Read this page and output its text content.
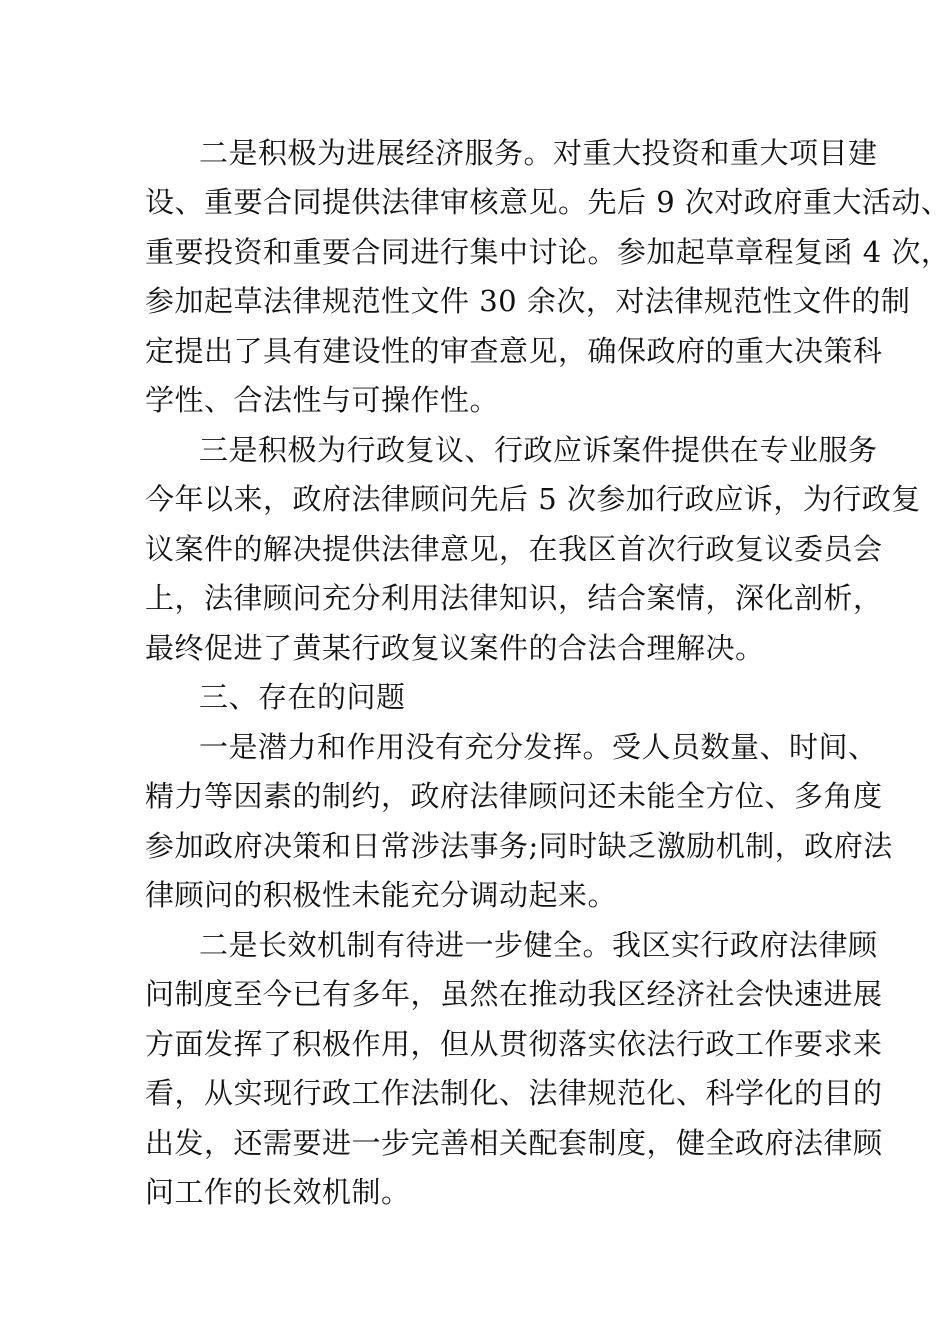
二是积极为进展经济服务。对重大投资和重大项目建
设、重要合同提供法律审核意见。先后 9 次对政府重大活动、
重要投资和重要合同进行集中讨论。参加起草章程复函 4 次，
参加起草法律规范性文件 30 余次，对法律规范性文件的制
定提出了具有建设性的审查意见，确保政府的重大决策科
学性、合法性与可操作性。
三是积极为行政复议、行政应诉案件提供在专业服务
今年以来，政府法律顾问先后 5 次参加行政应诉，为行政复
议案件的解决提供法律意见，在我区首次行政复议委员会
上，法律顾问充分利用法律知识，结合案情，深化剖析，
最终促进了黄某行政复议案件的合法合理解决。
三、存在的问题
一是潜力和作用没有充分发挥。受人员数量、时间、
精力等因素的制约，政府法律顾问还未能全方位、多角度
参加政府决策和日常涉法事务;同时缺乏激励机制，政府法
律顾问的积极性未能充分调动起来。
二是长效机制有待进一步健全。我区实行政府法律顾
问制度至今已有多年，虽然在推动我区经济社会快速进展
方面发挥了积极作用，但从贯彻落实依法行政工作要求来
看，从实现行政工作法制化、法律规范化、科学化的目的
出发，还需要进一步完善相关配套制度，健全政府法律顾
问工作的长效机制。
